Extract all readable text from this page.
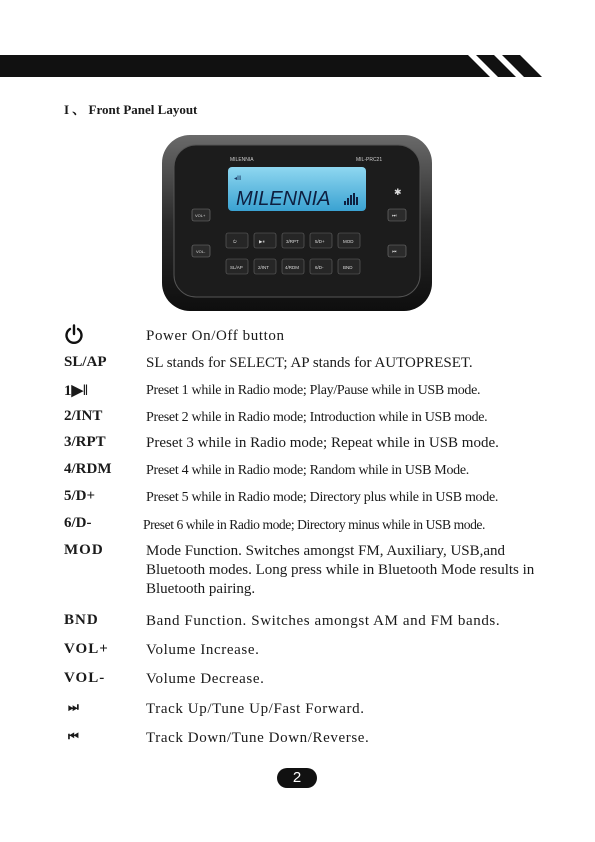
I 、 Front Panel Layout
MILENNIA	MIL-PRC21
◂Ⅲ
MILENNIA	✱
VOL+
VOL-
⏭
⏮
⏻	▶⏸	3/RPT	5/D+	MOD
SL/AP	2/INT	4/RDM	6/D-	BND
Power On/Off button
SL/AP	SL stands for SELECT; AP stands for AUTOPRESET.
1▶‖	Preset 1 while in Radio mode; Play/Pause while in USB mode.
2/INT	Preset 2 while in Radio mode; Introduction while in USB mode.
3/RPT	Preset 3 while in Radio mode; Repeat while in USB mode.
4/RDM Preset 4 while in Radio mode; Random while in USB Mode.
5/D+	Preset 5 while in Radio mode; Directory plus while in USB mode.
6/D-	Preset 6 while in Radio mode; Directory minus while in USB mode.
MOD	Mode Function. Switches amongst FM, Auxiliary, USB,and Bluetooth modes. Long press while in Bluetooth Mode results in Bluetooth pairing.
BND	Band Function. Switches amongst AM and FM bands.
VOL+ Volume Increase.
VOL-	Volume Decrease.
⏭	Track Up/Tune Up/Fast Forward.
⏮	Track Down/Tune Down/Reverse.
2
